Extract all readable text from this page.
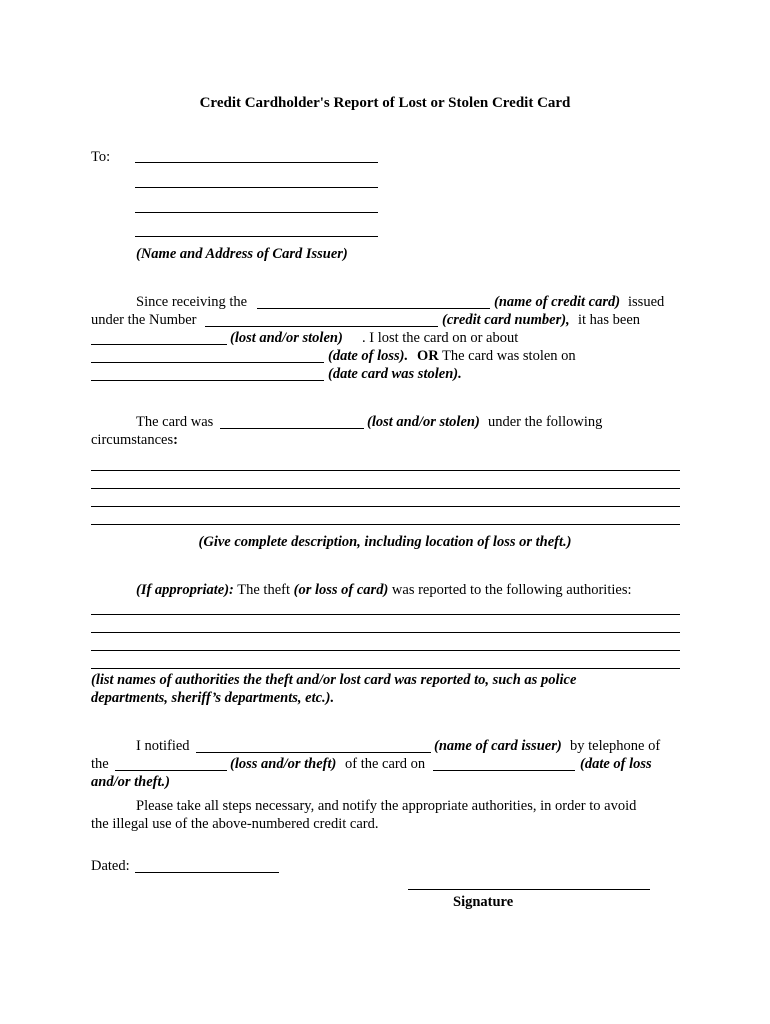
Credit Cardholder's Report of Lost or Stolen Credit Card
To:
(Name and Address of Card Issuer)
Since receiving the	(name of credit card) issued
under the Number	(credit card number), it has been
(lost and/or stolen) . I lost the card on or about
(date of loss). OR The card was stolen on
(date card was stolen).
The card was	(lost and/or stolen) under the following
circumstances:
(Give complete description, including location of loss or theft.)
(If appropriate): The theft (or loss of card) was reported to the following authorities:
(list names of authorities the theft and/or lost card was reported to, such as police
departments, sheriff’s departments, etc.).
I notified	(name of card issuer) by telephone of
the	(loss and/or theft) of the card on	(date of loss
and/or theft.)
Please take all steps necessary, and notify the appropriate authorities, in order to avoid
the illegal use of the above-numbered credit card.
Dated:
Signature
